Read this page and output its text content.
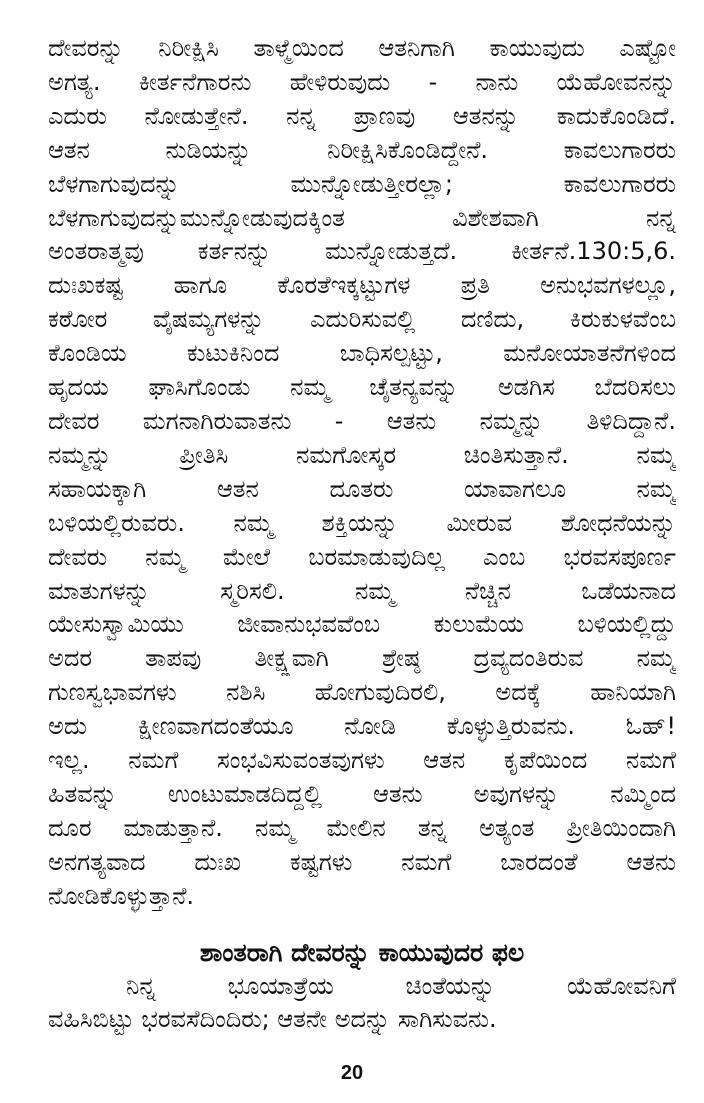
ದೇವರನ್ನು ನಿರೀಕ್ಷಿಸಿ ತಾಳ್ಮೆಯಿಂದ ಆತನಿಗಾಗಿ ಕಾಯುವುದು ಎಷ್ಟೋ
ಅಗತ್ಯ. ಕೀರ್ತನೆಗಾರನು ಹೇಳಿರುವುದು - ನಾನು ಯೆಹೋವನನ್ನು
ಎದುರು ನೋಡುತ್ತೇನೆ. ನನ್ನ ಪ್ರಾಣವು ಆತನನ್ನು ಕಾದುಕೊಂಡಿದೆ.
ಆತನ ನುಡಿಯನ್ನು ನಿರೀಕ್ಷಿಸಿಕೊಂಡಿದ್ದೇನೆ. ಕಾವಲುಗಾರರು
ಬೆಳಗಾಗುವುದನ್ನು ಮುನ್ನೋಡುತ್ತೀರಲ್ಲಾ; ಕಾವಲುಗಾರರು
ಬೆಳಗಾಗುವುದನ್ನುಮುನ್ನೋಡುವುದಕ್ಕಿಂತ ವಿಶೇಶವಾಗಿ ನನ್ನ
ಅಂತರಾತ್ಮವು ಕರ್ತನನ್ನು ಮುನ್ನೋಡುತ್ತದೆ. ಕೀರ್ತನೆ.130:5,6.
ದುಃಖಕಷ್ಟ ಹಾಗೂ ಕೊರತೆಇಕ್ಕಟ್ಟುಗಳ ಪ್ರತಿ ಅನುಭವಗಳಲ್ಲೂ,
ಕಠೋರ ವೈಷಮ್ಯಗಳನ್ನು ಎದುರಿಸುವಲ್ಲಿ ದಣಿದು, ಕಿರುಕುಳವೆಂಬ
ಕೊಂಡಿಯ ಕುಟುಕಿನಿಂದ ಬಾಧಿಸಲ್ಪಟ್ಟು, ಮನೋಯಾತನೆಗಳಿಂದ
ಹೃದಯ ಘಾಸಿಗೊಂಡು ನಮ್ಮ ಚೈತನ್ಯವನ್ನು ಅಡಗಿಸ ಬೆದರಿಸಲು
ದೇವರ ಮಗನಾಗಿರುವಾತನು - ಆತನು ನಮ್ಮನ್ನು ತಿಳಿದಿದ್ದಾನೆ.
ನಮ್ಮನ್ನು ಪ್ರೀತಿಸಿ ನಮಗೋಸ್ಕರ ಚಿಂತಿಸುತ್ತಾನೆ. ನಮ್ಮ
ಸಹಾಯಕ್ಕಾಗಿ ಆತನ ದೂತರು ಯಾವಾಗಲೂ ನಮ್ಮ
ಬಳಿಯಲ್ಲಿರುವರು. ನಮ್ಮ ಶಕ್ತಿಯನ್ನು ಮೀರುವ ಶೋಧನೆಯನ್ನು
ದೇವರು ನಮ್ಮ ಮೇಲೆ ಬರಮಾಡುವುದಿಲ್ಲ ಎಂಬ ಭರವಸಪೂರ್ಣ
ಮಾತುಗಳನ್ನು ಸ್ಮರಿಸಲಿ. ನಮ್ಮ ನೆಚ್ಚಿನ ಒಡೆಯನಾದ
ಯೇಸುಸ್ವಾಮಿಯು ಜೀವಾನುಭವವೆಂಬ ಕುಲುಮೆಯ ಬಳಿಯಲ್ಲಿದ್ದು
ಅದರ ತಾಪವು ತೀಕ್ಷ್ಣವಾಗಿ ಶ್ರೇಷ್ಠ ದ್ರವ್ಯದಂತಿರುವ ನಮ್ಮ
ಗುಣಸ್ವಭಾವಗಳು ನಶಿಸಿ ಹೋಗುವುದಿರಲಿ, ಅದಕ್ಕೆ ಹಾನಿಯಾಗಿ
ಅದು ಕ್ಷೀಣವಾಗದಂತೆಯೂ ನೋಡಿ ಕೊಳ್ಳುತ್ತಿರುವನು. ಓಹ್!
ಇಲ್ಲ. ನಮಗೆ ಸಂಭವಿಸುವಂತವುಗಳು ಆತನ ಕೃಪೆಯಿಂದ ನಮಗೆ
ಹಿತವನ್ನು ಉಂಟುಮಾಡದಿದ್ದಲ್ಲಿ ಆತನು ಅವುಗಳನ್ನು ನಮ್ಮಿಂದ
ದೂರ ಮಾಡುತ್ತಾನೆ. ನಮ್ಮ ಮೇಲಿನ ತನ್ನ ಅತ್ಯಂತ ಪ್ರೀತಿಯಿಂದಾಗಿ
ಅನಗತ್ಯವಾದ ದುಃಖ ಕಷ್ಟಗಳು ನಮಗೆ ಬಾರದಂತೆ ಆತನು
ನೋಡಿಕೊಳ್ಳುತ್ತಾನೆ.
ಶಾಂತರಾಗಿ ದೇವರನ್ನು ಕಾಯುವುದರ ಫಲ
ನಿನ್ನ ಭೂಯಾತ್ರೆಯ ಚಿಂತೆಯನ್ನು ಯೆಹೋವನಿಗೆ
ವಹಿಸಿಬಿಟ್ಟು ಭರವಸೆದಿಂದಿರು; ಆತನೇ ಅದನ್ನು ಸಾಗಿಸುವನು.
20
